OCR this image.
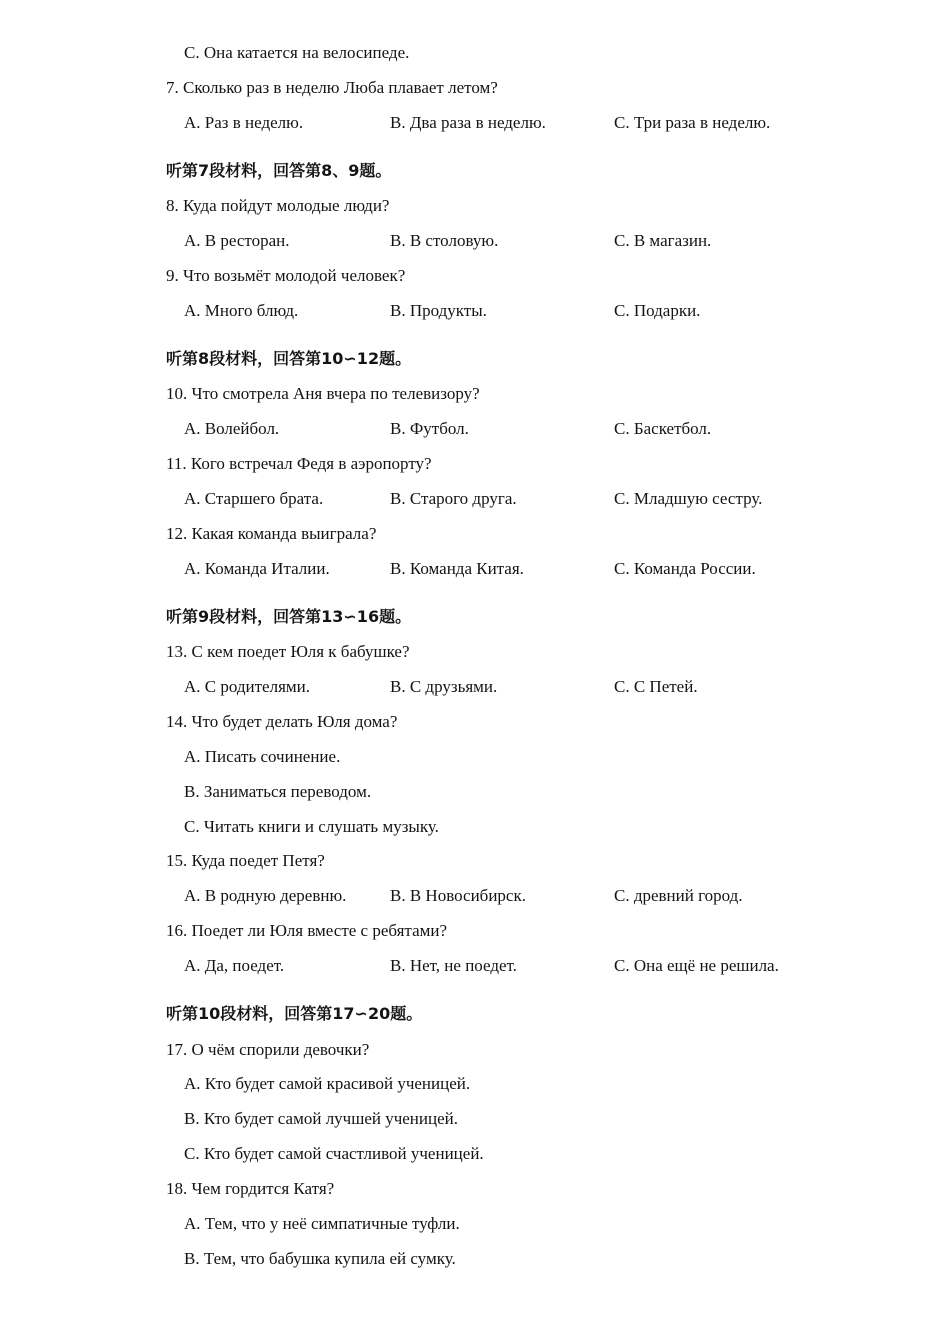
C. Она катается на велосипеде.
7. Сколько раз в неделю Люба плавает летом?
A. Раз в неделю.	B. Два раза в неделю.	C. Три раза в неделю.
听第7段材料，回答第8、9题。
8. Куда пойдут молодые люди?
A. В ресторан.	B. В столовую.	C. В магазин.
9. Что возьмёт молодой человек?
A. Много блюд.	B. Продукты.	C. Подарки.
听第8段材料，回答第10∽12题。
10. Что смотрела Аня вчера по телевизору?
A. Волейбол.	B. Футбол.	C. Баскетбол.
11. Кого встречал Федя в аэропорту?
A. Старшего брата.	B. Старого друга.	C. Младшую сестру.
12. Какая команда выиграла?
A. Команда Италии.	B. Команда Китая.	C. Команда России.
听第9段材料，回答第13∽16题。
13. С кем поедет Юля к бабушке?
A. С родителями.	B. С друзьями.	C. С Петей.
14. Что будет делать Юля дома?
A. Писать сочинение.
B. Заниматься переводом.
C. Читать книги и слушать музыку.
15. Куда поедет Петя?
A. В родную деревню.	B. В Новосибирск.	C. древний город.
16. Поедет ли Юля вместе с ребятами?
A. Да, поедет.	B. Нет, не поедет.	C. Она ещё не решила.
听第10段材料，回答第17∽20题。
17. О чём спорили девочки?
A. Кто будет самой красивой ученицей.
B. Кто будет самой лучшей ученицей.
C. Кто будет самой счастливой ученицей.
18. Чем гордится Катя?
A. Тем, что у неё симпатичные туфли.
B. Тем, что бабушка купила ей сумку.
